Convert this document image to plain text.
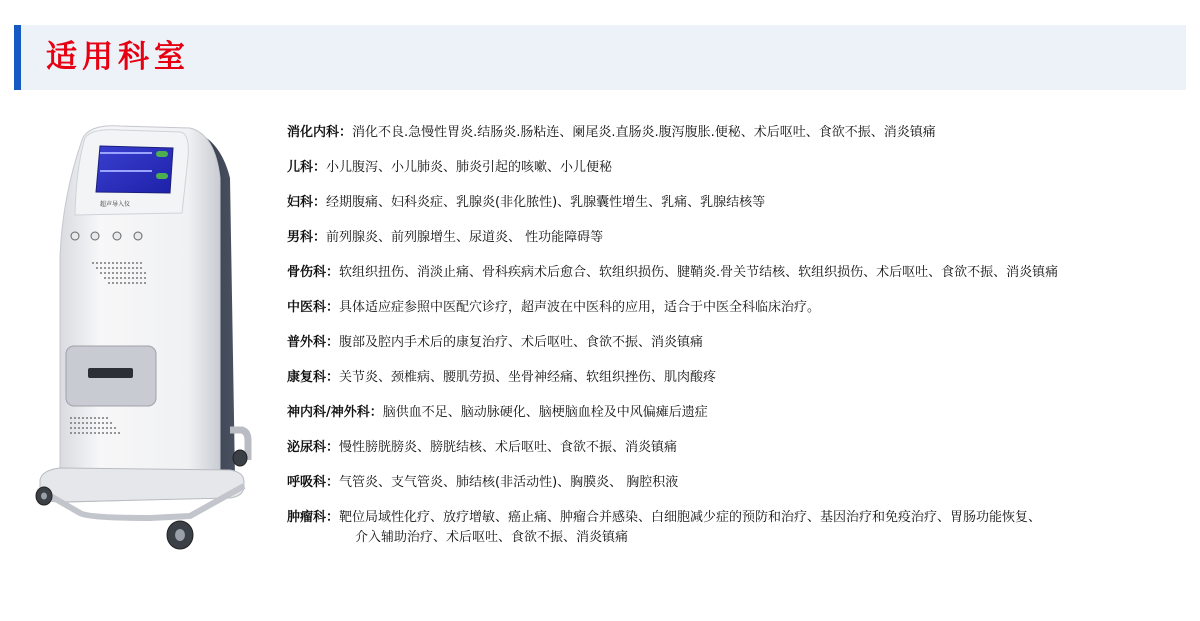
适用科室
超声导入仪
消化内科：消化不良.急慢性胃炎.结肠炎.肠粘连、阑尾炎.直肠炎.腹泻腹胀.便秘、术后呕吐、食欲不振、消炎镇痛
儿科：小儿腹泻、小儿肺炎、肺炎引起的咳嗽、小儿便秘
妇科：经期腹痛、妇科炎症、乳腺炎(非化脓性)、乳腺囊性增生、乳痛、乳腺结核等
男科：前列腺炎、前列腺增生、尿道炎、 性功能障碍等
骨伤科：软组织扭伤、消淡止痛、骨科疾病术后愈合、软组织损伤、腱鞘炎.骨关节结核、软组织损伤、术后呕吐、食欲不振、消炎镇痛
中医科：具体适应症参照中医配穴诊疗，超声波在中医科的应用，适合于中医全科临床治疗。
普外科：腹部及腔内手术后的康复治疗、术后呕吐、食欲不振、消炎镇痛
康复科：关节炎、颈椎病、腰肌劳损、坐骨神经痛、软组织挫伤、肌肉酸疼
神内科/神外科：脑供血不足、脑动脉硬化、脑梗脑血栓及中风偏瘫后遗症
泌尿科：慢性膀胱膀炎、膀胱结核、术后呕吐、食欲不振、消炎镇痛
呼吸科：气管炎、支气管炎、肺结核(非活动性)、胸膜炎、 胸腔积液
肿瘤科：靶位局域性化疗、放疗增敏、癌止痛、肿瘤合并感染、白细胞减少症的预防和治疗、基因治疗和免疫治疗、胃肠功能恢复、
介入辅助治疗、术后呕吐、食欲不振、消炎镇痛
